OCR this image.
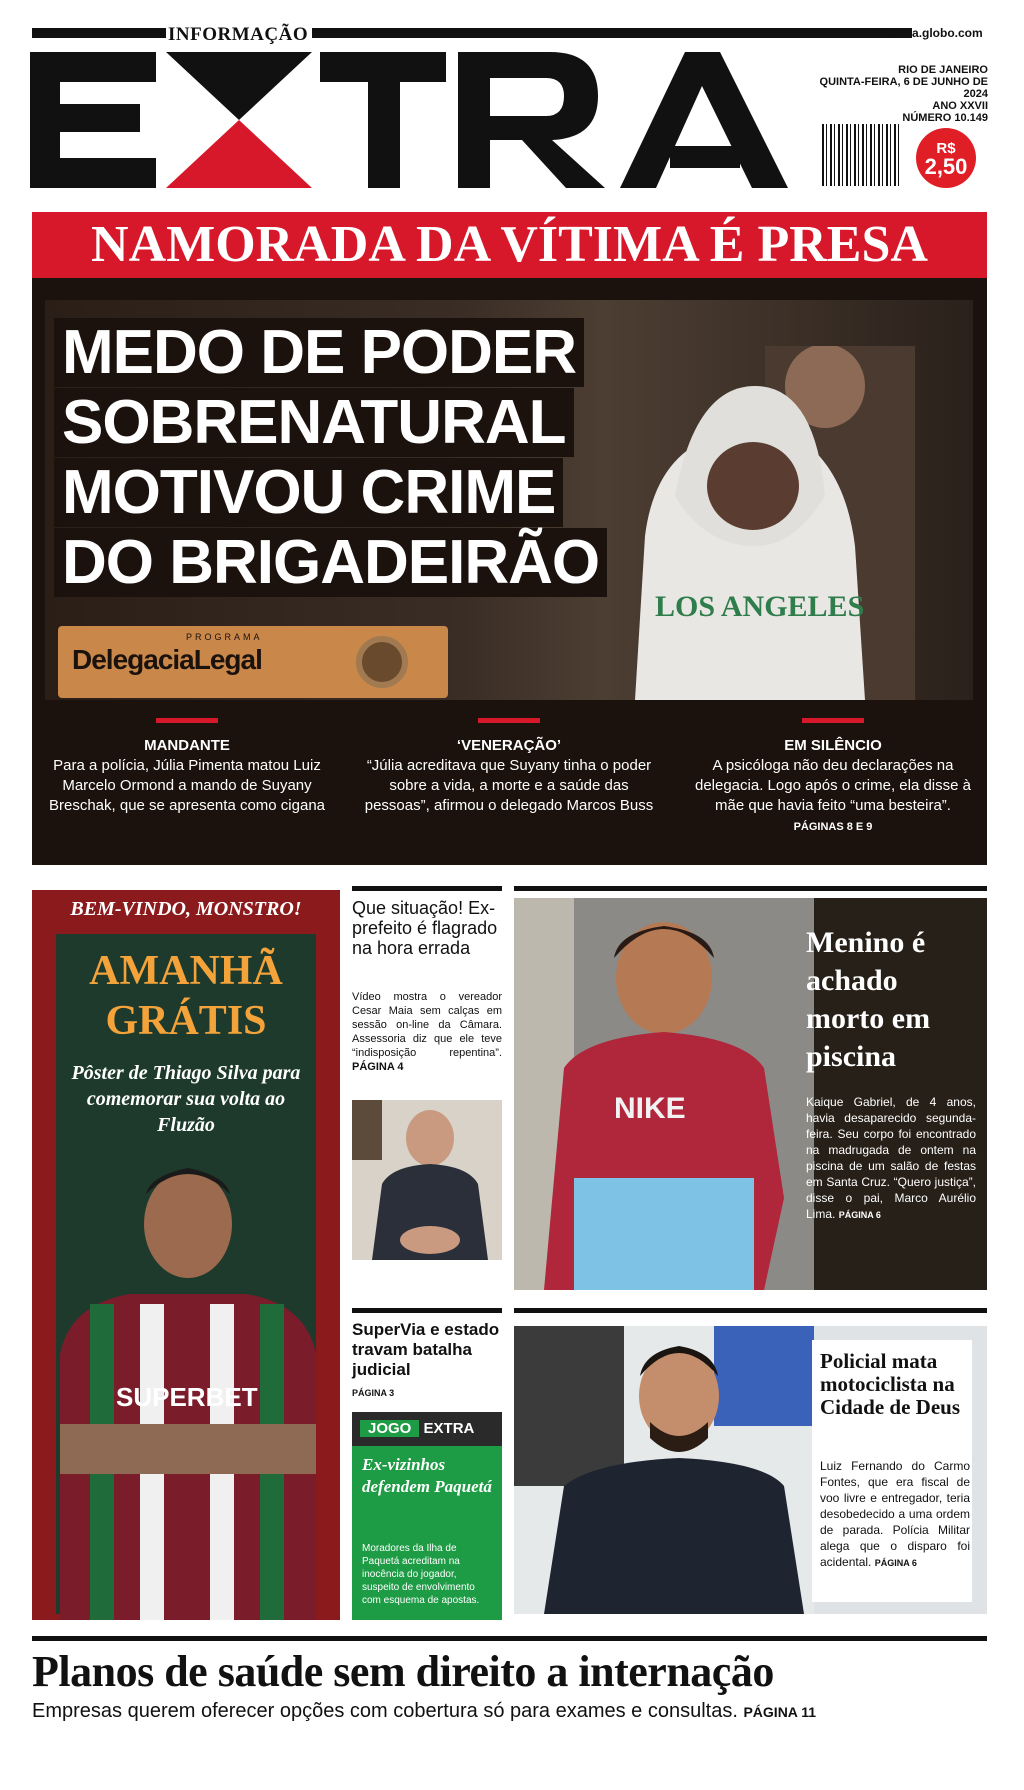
INFORMAÇÃO	extra.globo.com
EXTRA
RIO DE JANEIRO
QUINTA-FEIRA, 6 DE JUNHO DE 2024
ANO XXVII
NÚMERO 10.149
R$
2,50
NAMORADA DA VÍTIMA É PRESA
LOS ANGELES
MEDO DE PODER
SOBRENATURAL
MOTIVOU CRIME
DO BRIGADEIRÃO
DelegaciaLegal
PROGRAMA
MANDANTE

Para a polícia, Júlia Pimenta matou Luiz Marcelo Ormond a mando de Suyany Breschak, que se apresenta como cigana

‘VENERAÇÃO’

“Júlia acreditava que Suyany tinha o poder sobre a vida, a morte e a saúde das pessoas”, afirmou o delegado Marcos Buss

EM SILÊNCIO

A psicóloga não deu declarações na delegacia. Logo após o crime, ela disse à mãe que havia feito “uma besteira”. PÁGINAS 8 E 9

BEM-VINDO, MONSTRO!
AMANHÃ
GRÁTIS
Pôster de Thiago Silva para comemorar sua volta ao Fluzão
SUPERBET
Que situação! Ex-prefeito é flagrado na hora errada
Vídeo mostra o vereador Cesar Maia sem calças em sessão on-line da Câmara. Assessoria diz que ele teve “indisposição repentina”. PÁGINA 4
SuperVia e estado travam batalha judicial
PÁGINA 3
JOGO EXTRA
Ex-vizinhos defendem Paquetá

Moradores da Ilha de Paquetá acreditam na inocência do jogador, suspeito de envolvimento com esquema de apostas.

NIKE
Menino é achado morto em piscina
Kaique Gabriel, de 4 anos, havia desaparecido segunda-feira. Seu corpo foi encontrado na madrugada de ontem na piscina de um salão de festas em Santa Cruz. “Quero justiça”, disse o pai, Marco Aurélio Lima. PÁGINA 6
Policial mata motociclista na Cidade de Deus
Luiz Fernando do Carmo Fontes, que era fiscal de voo livre e entregador, teria desobedecido a uma ordem de parada. Polícia Militar alega que o disparo foi acidental. PÁGINA 6
Planos de saúde sem direito a internação
Empresas querem oferecer opções com cobertura só para exames e consultas. PÁGINA 11
